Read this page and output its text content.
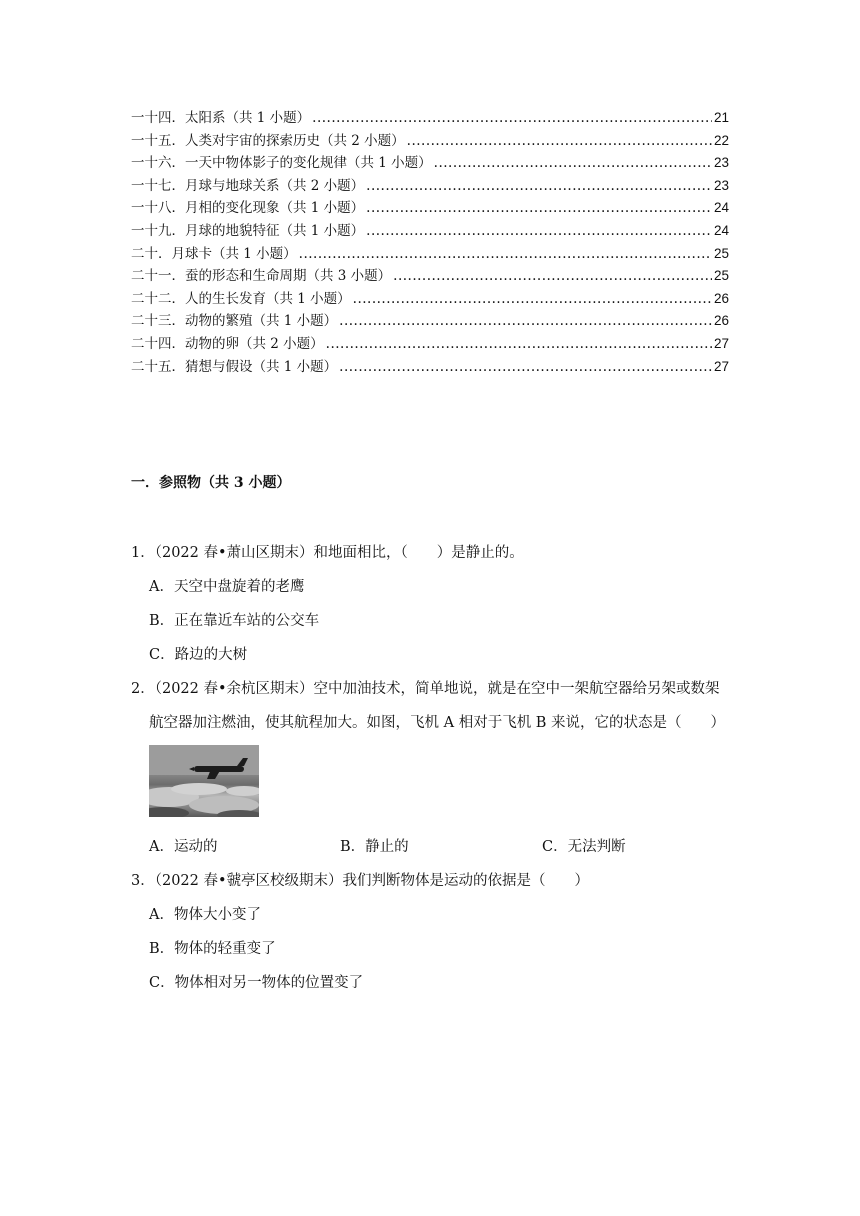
一十四．太阳系（共 1 小题） .....	21
一十五．人类对宇宙的探索历史（共 2 小题） .....	22
一十六．一天中物体影子的变化规律（共 1 小题） .....	23
一十七．月球与地球关系（共 2 小题） .....	23
一十八．月相的变化现象（共 1 小题） .....	24
一十九．月球的地貌特征（共 1 小题） .....	24
二十．月球卡（共 1 小题） .....	25
二十一．蚕的形态和生命周期（共 3 小题） .....	25
二十二．人的生长发育（共 1 小题） .....	26
二十三．动物的繁殖（共 1 小题） .....	26
二十四．动物的卵（共 2 小题） .....	27
二十五．猜想与假设（共 1 小题） .....	27
一．参照物（共 3 小题）
1．（2022 春•萧山区期末）和地面相比，（　　）是静止的。
A．天空中盘旋着的老鹰
B．正在靠近车站的公交车
C．路边的大树
2．（2022 春•余杭区期末）空中加油技术，简单地说，就是在空中一架航空器给另架或数架
航空器加注燃油，使其航程加大。如图，飞机 A 相对于飞机 B 来说，它的状态是（　　）
A．运动的	B．静止的	C．无法判断
3．（2022 春•虢亭区校级期末）我们判断物体是运动的依据是（　　）
A．物体大小变了
B．物体的轻重变了
C．物体相对另一物体的位置变了
